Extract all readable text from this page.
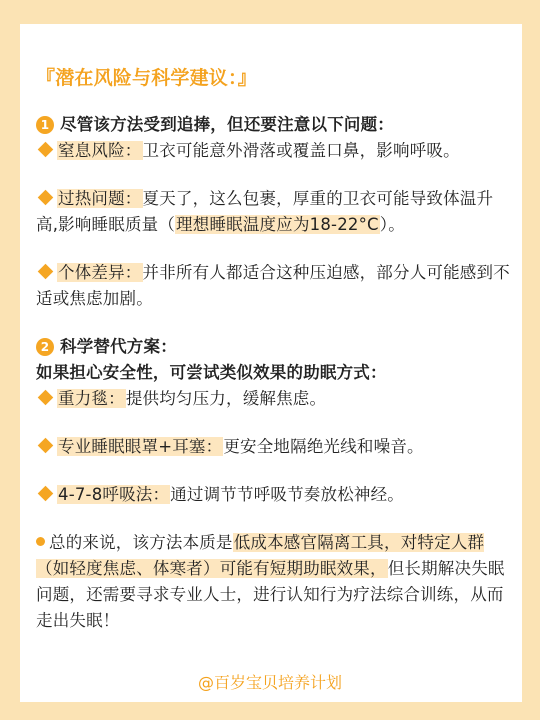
『潜在风险与科学建议：』

1 尽管该方法受到追捧，但还要注意以下问题：

窒息风险：卫衣可能意外滑落或覆盖口鼻，影响呼吸。

过热问题：夏天了，这么包裹，厚重的卫衣可能导致体温升高,影响睡眠质量（理想睡眠温度应为18-22°C）。

个体差异：并非所有人都适合这种压迫感，部分人可能感到不适或焦虑加剧。

2 科学替代方案：

如果担心安全性，可尝试类似效果的助眠方式：

重力毯：提供均匀压力，缓解焦虑。

专业睡眠眼罩+耳塞：更安全地隔绝光线和噪音。

4-7-8呼吸法：通过调节节呼吸节奏放松神经。

总的来说，该方法本质是低成本感官隔离工具，对特定人群（如轻度焦虑、体寒者）可能有短期助眠效果，但长期解决失眠问题，还需要寻求专业人士，进行认知行为疗法综合训练，从而走出失眠！

@百岁宝贝培养计划
